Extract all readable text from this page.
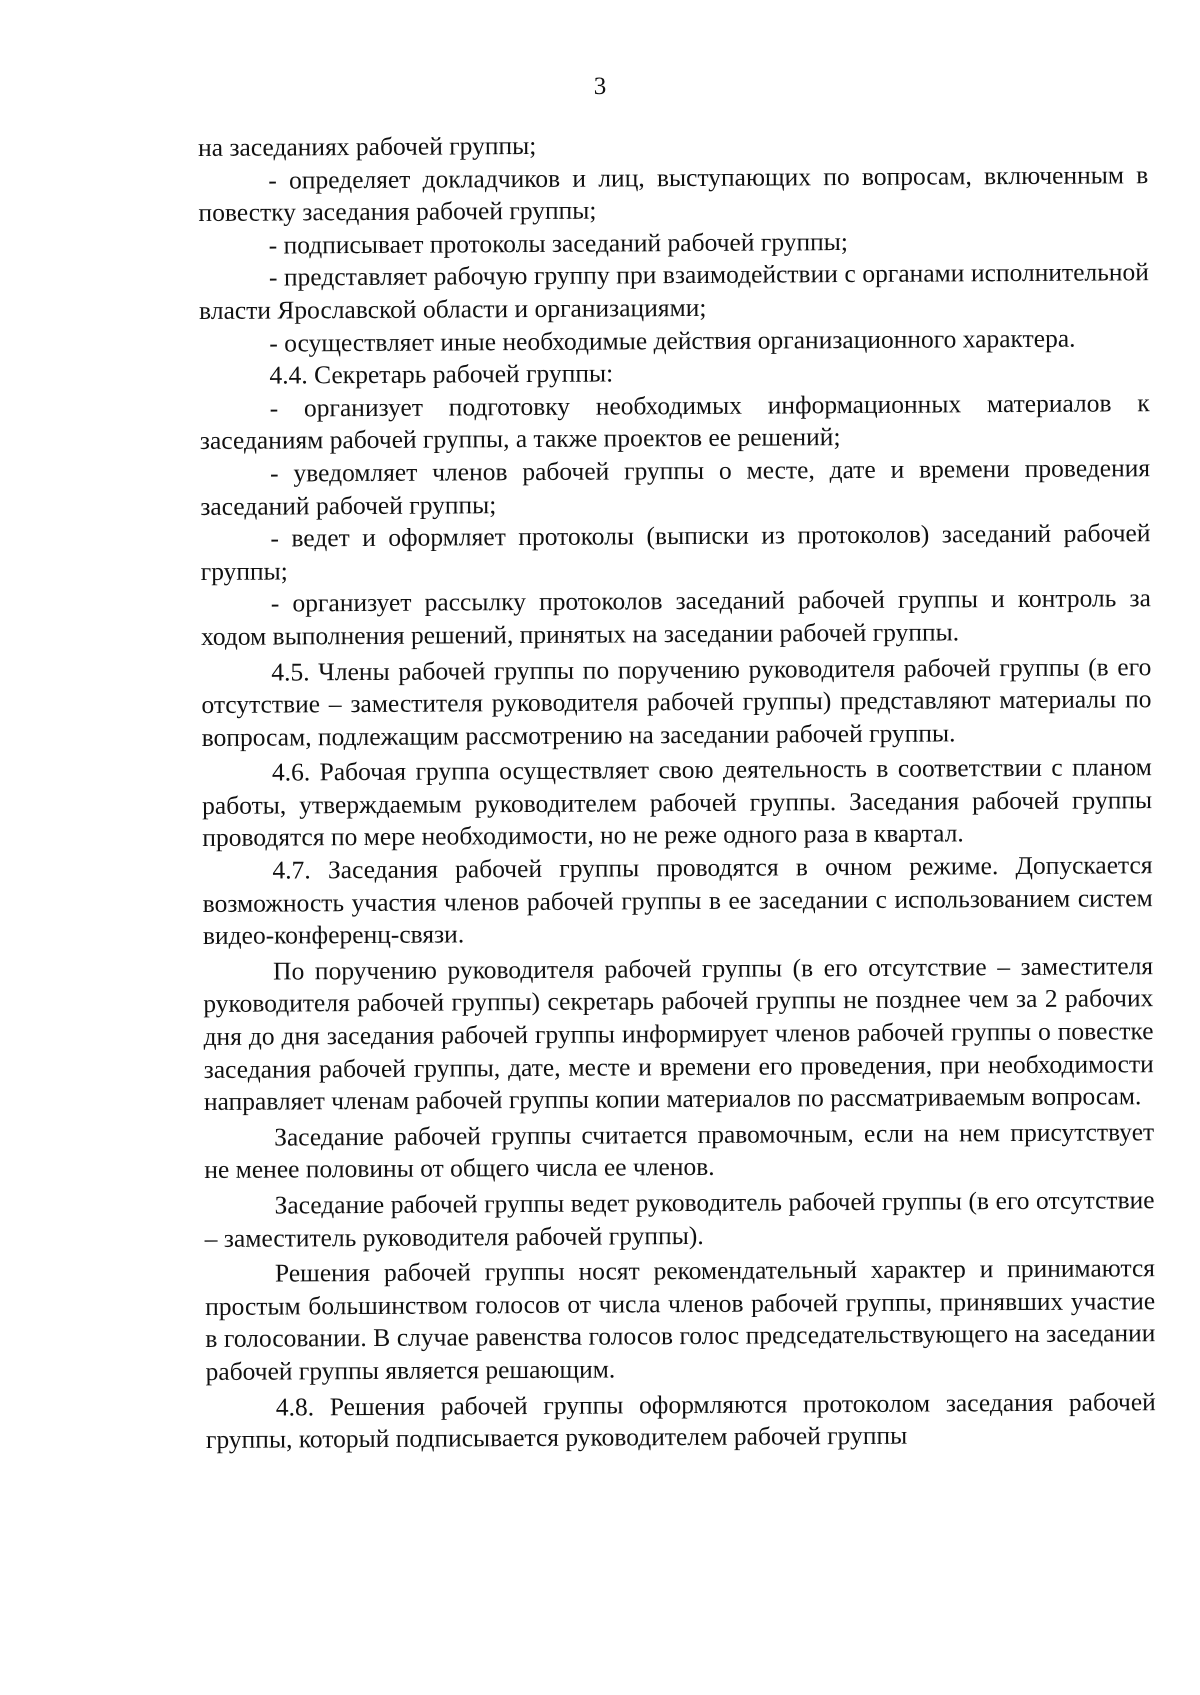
3

на заседаниях рабочей группы;

- определяет докладчиков и лиц, выступающих по вопросам, включенным в повестку заседания рабочей группы;

- подписывает протоколы заседаний рабочей группы;

- представляет рабочую группу при взаимодействии с органами исполнительной власти Ярославской области и организациями;

- осуществляет иные необходимые действия организационного характера.

4.4. Секретарь рабочей группы:

- организует подготовку необходимых информационных материалов к заседаниям рабочей группы, а также проектов ее решений;

- уведомляет членов рабочей группы о месте, дате и времени проведения заседаний рабочей группы;

- ведет и оформляет протоколы (выписки из протоколов) заседаний рабочей группы;

- организует рассылку протоколов заседаний рабочей группы и контроль за ходом выполнения решений, принятых на заседании рабочей группы.

4.5. Члены рабочей группы по поручению руководителя рабочей группы (в его отсутствие – заместителя руководителя рабочей группы) представляют материалы по вопросам, подлежащим рассмотрению на заседании рабочей группы.

4.6. Рабочая группа осуществляет свою деятельность в соответствии с планом работы, утверждаемым руководителем рабочей группы. Заседания рабочей группы проводятся по мере необходимости, но не реже одного раза в квартал.

4.7. Заседания рабочей группы проводятся в очном режиме. Допускается возможность участия членов рабочей группы в ее заседании с использованием систем видео-конференц-связи.

По поручению руководителя рабочей группы (в его отсутствие – заместителя руководителя рабочей группы) секретарь рабочей группы не позднее чем за 2 рабочих дня до дня заседания рабочей группы информирует членов рабочей группы о повестке заседания рабочей группы, дате, месте и времени его проведения, при необходимости направляет членам рабочей группы копии материалов по рассматриваемым вопросам.

Заседание рабочей группы считается правомочным, если на нем присутствует не менее половины от общего числа ее членов.

Заседание рабочей группы ведет руководитель рабочей группы (в его отсутствие – заместитель руководителя рабочей группы).

Решения рабочей группы носят рекомендательный характер и принимаются простым большинством голосов от числа членов рабочей группы, принявших участие в голосовании. В случае равенства голосов голос председательствующего на заседании рабочей группы является решающим.

4.8. Решения рабочей группы оформляются протоколом заседания рабочей группы, который подписывается руководителем рабочей группы
